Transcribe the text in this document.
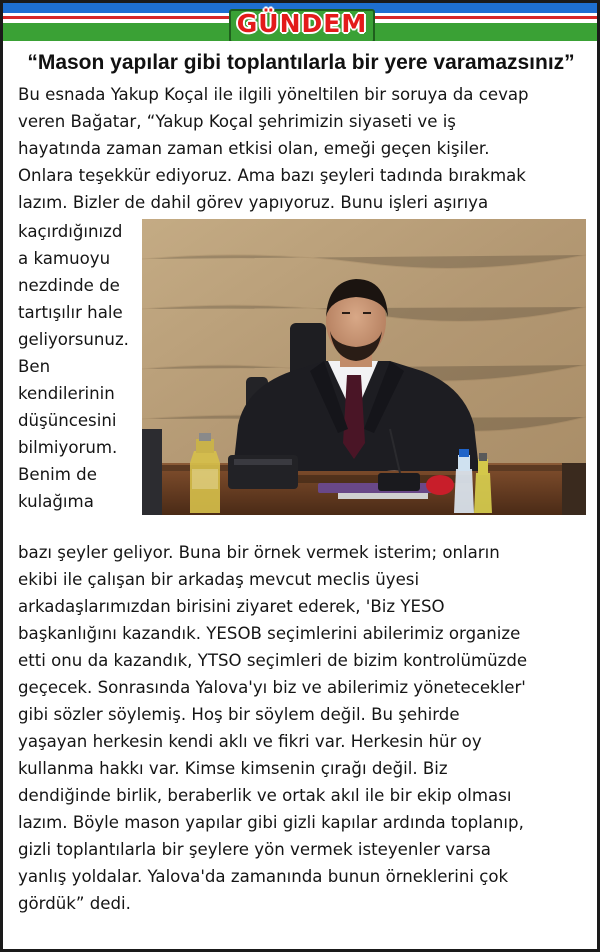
GÜNDEM
“Mason yapılar gibi toplantılarla bir yere varamazsınız”
Bu esnada Yakup Koçal ile ilgili yöneltilen bir soruya da cevap
veren Bağatar, “Yakup Koçal şehrimizin siyaseti ve iş
hayatında zaman zaman etkisi olan, emeği geçen kişiler.
Onlara teşekkür ediyoruz. Ama bazı şeyleri tadında bırakmak
lazım. Bizler de dahil görev yapıyoruz. Bunu işleri aşırıya
kaçırdığınızd
a kamuoyu
nezdinde de
tartışılır hale
geliyorsunuz.
Ben
kendilerinin
düşüncesini
bilmiyorum.
Benim de
kulağıma
bazı şeyler geliyor. Buna bir örnek vermek isterim; onların
ekibi ile çalışan bir arkadaş mevcut meclis üyesi
arkadaşlarımızdan birisini ziyaret ederek, 'Biz YESO
başkanlığını kazandık. YESOB seçimlerini abilerimiz organize
etti onu da kazandık, YTSO seçimleri de bizim kontrolümüzde
geçecek. Sonrasında Yalova'yı biz ve abilerimiz yönetecekler'
gibi sözler söylemiş. Hoş bir söylem değil. Bu şehirde
yaşayan herkesin kendi aklı ve fikri var. Herkesin hür oy
kullanma hakkı var. Kimse kimsenin çırağı değil. Biz
dendiğinde birlik, beraberlik ve ortak akıl ile bir ekip olması
lazım. Böyle mason yapılar gibi gizli kapılar ardında toplanıp,
gizli toplantılarla bir şeylere yön vermek isteyenler varsa
yanlış yoldalar. Yalova'da zamanında bunun örneklerini çok
gördük” dedi.
